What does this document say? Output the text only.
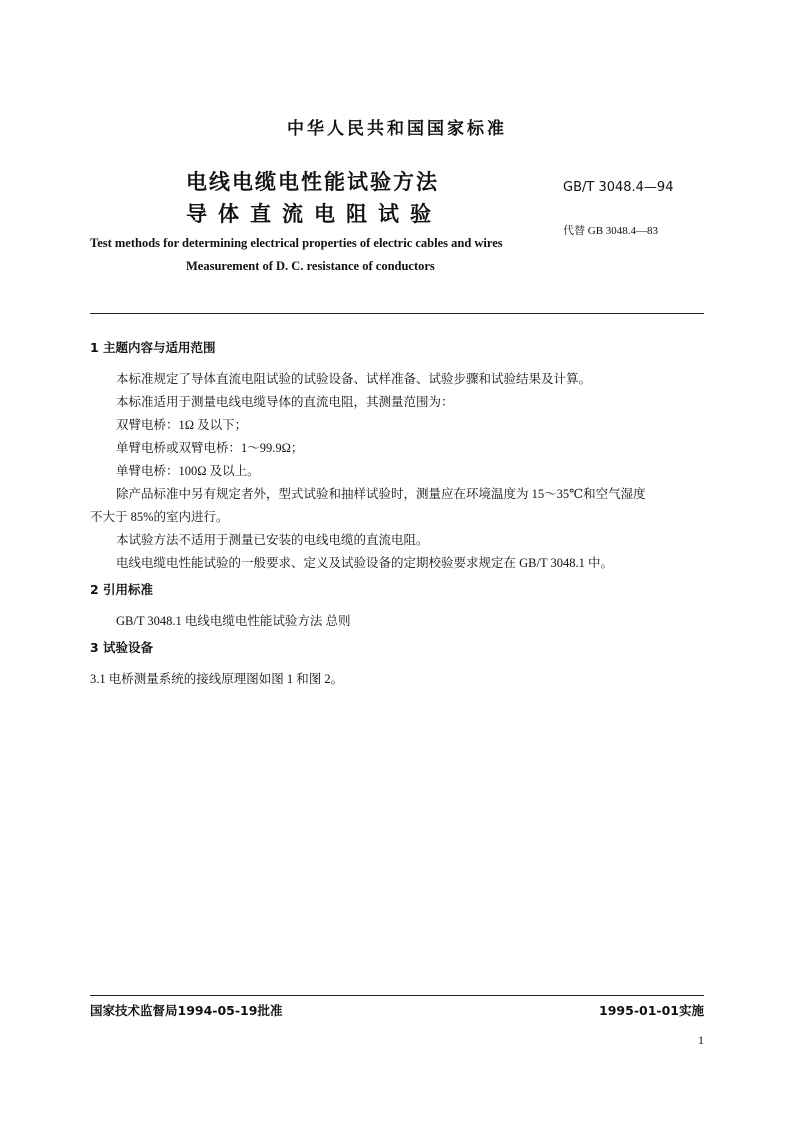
中华人民共和国国家标准
电线电缆电性能试验方法
导体直流电阻试验
GB/T 3048.4—94
代替 GB 3048.4—83
Test methods for determining electrical properties of electric cables and wires
Measurement of D. C. resistance of conductors
1 主题内容与适用范围
本标准规定了导体直流电阻试验的试验设备、试样准备、试验步骤和试验结果及计算。
本标准适用于测量电线电缆导体的直流电阻，其测量范围为：
双臂电桥：1Ω 及以下；
单臂电桥或双臂电桥：1～99.9Ω；
单臂电桥：100Ω 及以上。
除产品标准中另有规定者外，型式试验和抽样试验时，测量应在环境温度为 15～35℃和空气湿度
不大于 85%的室内进行。
本试验方法不适用于测量已安装的电线电缆的直流电阻。
电线电缆电性能试验的一般要求、定义及试验设备的定期校验要求规定在 GB/T 3048.1 中。
2 引用标准
GB/T 3048.1 电线电缆电性能试验方法 总则
3 试验设备
3.1 电桥测量系统的接线原理图如图 1 和图 2。
国家技术监督局1994-05-19批准	1995-01-01实施
1
